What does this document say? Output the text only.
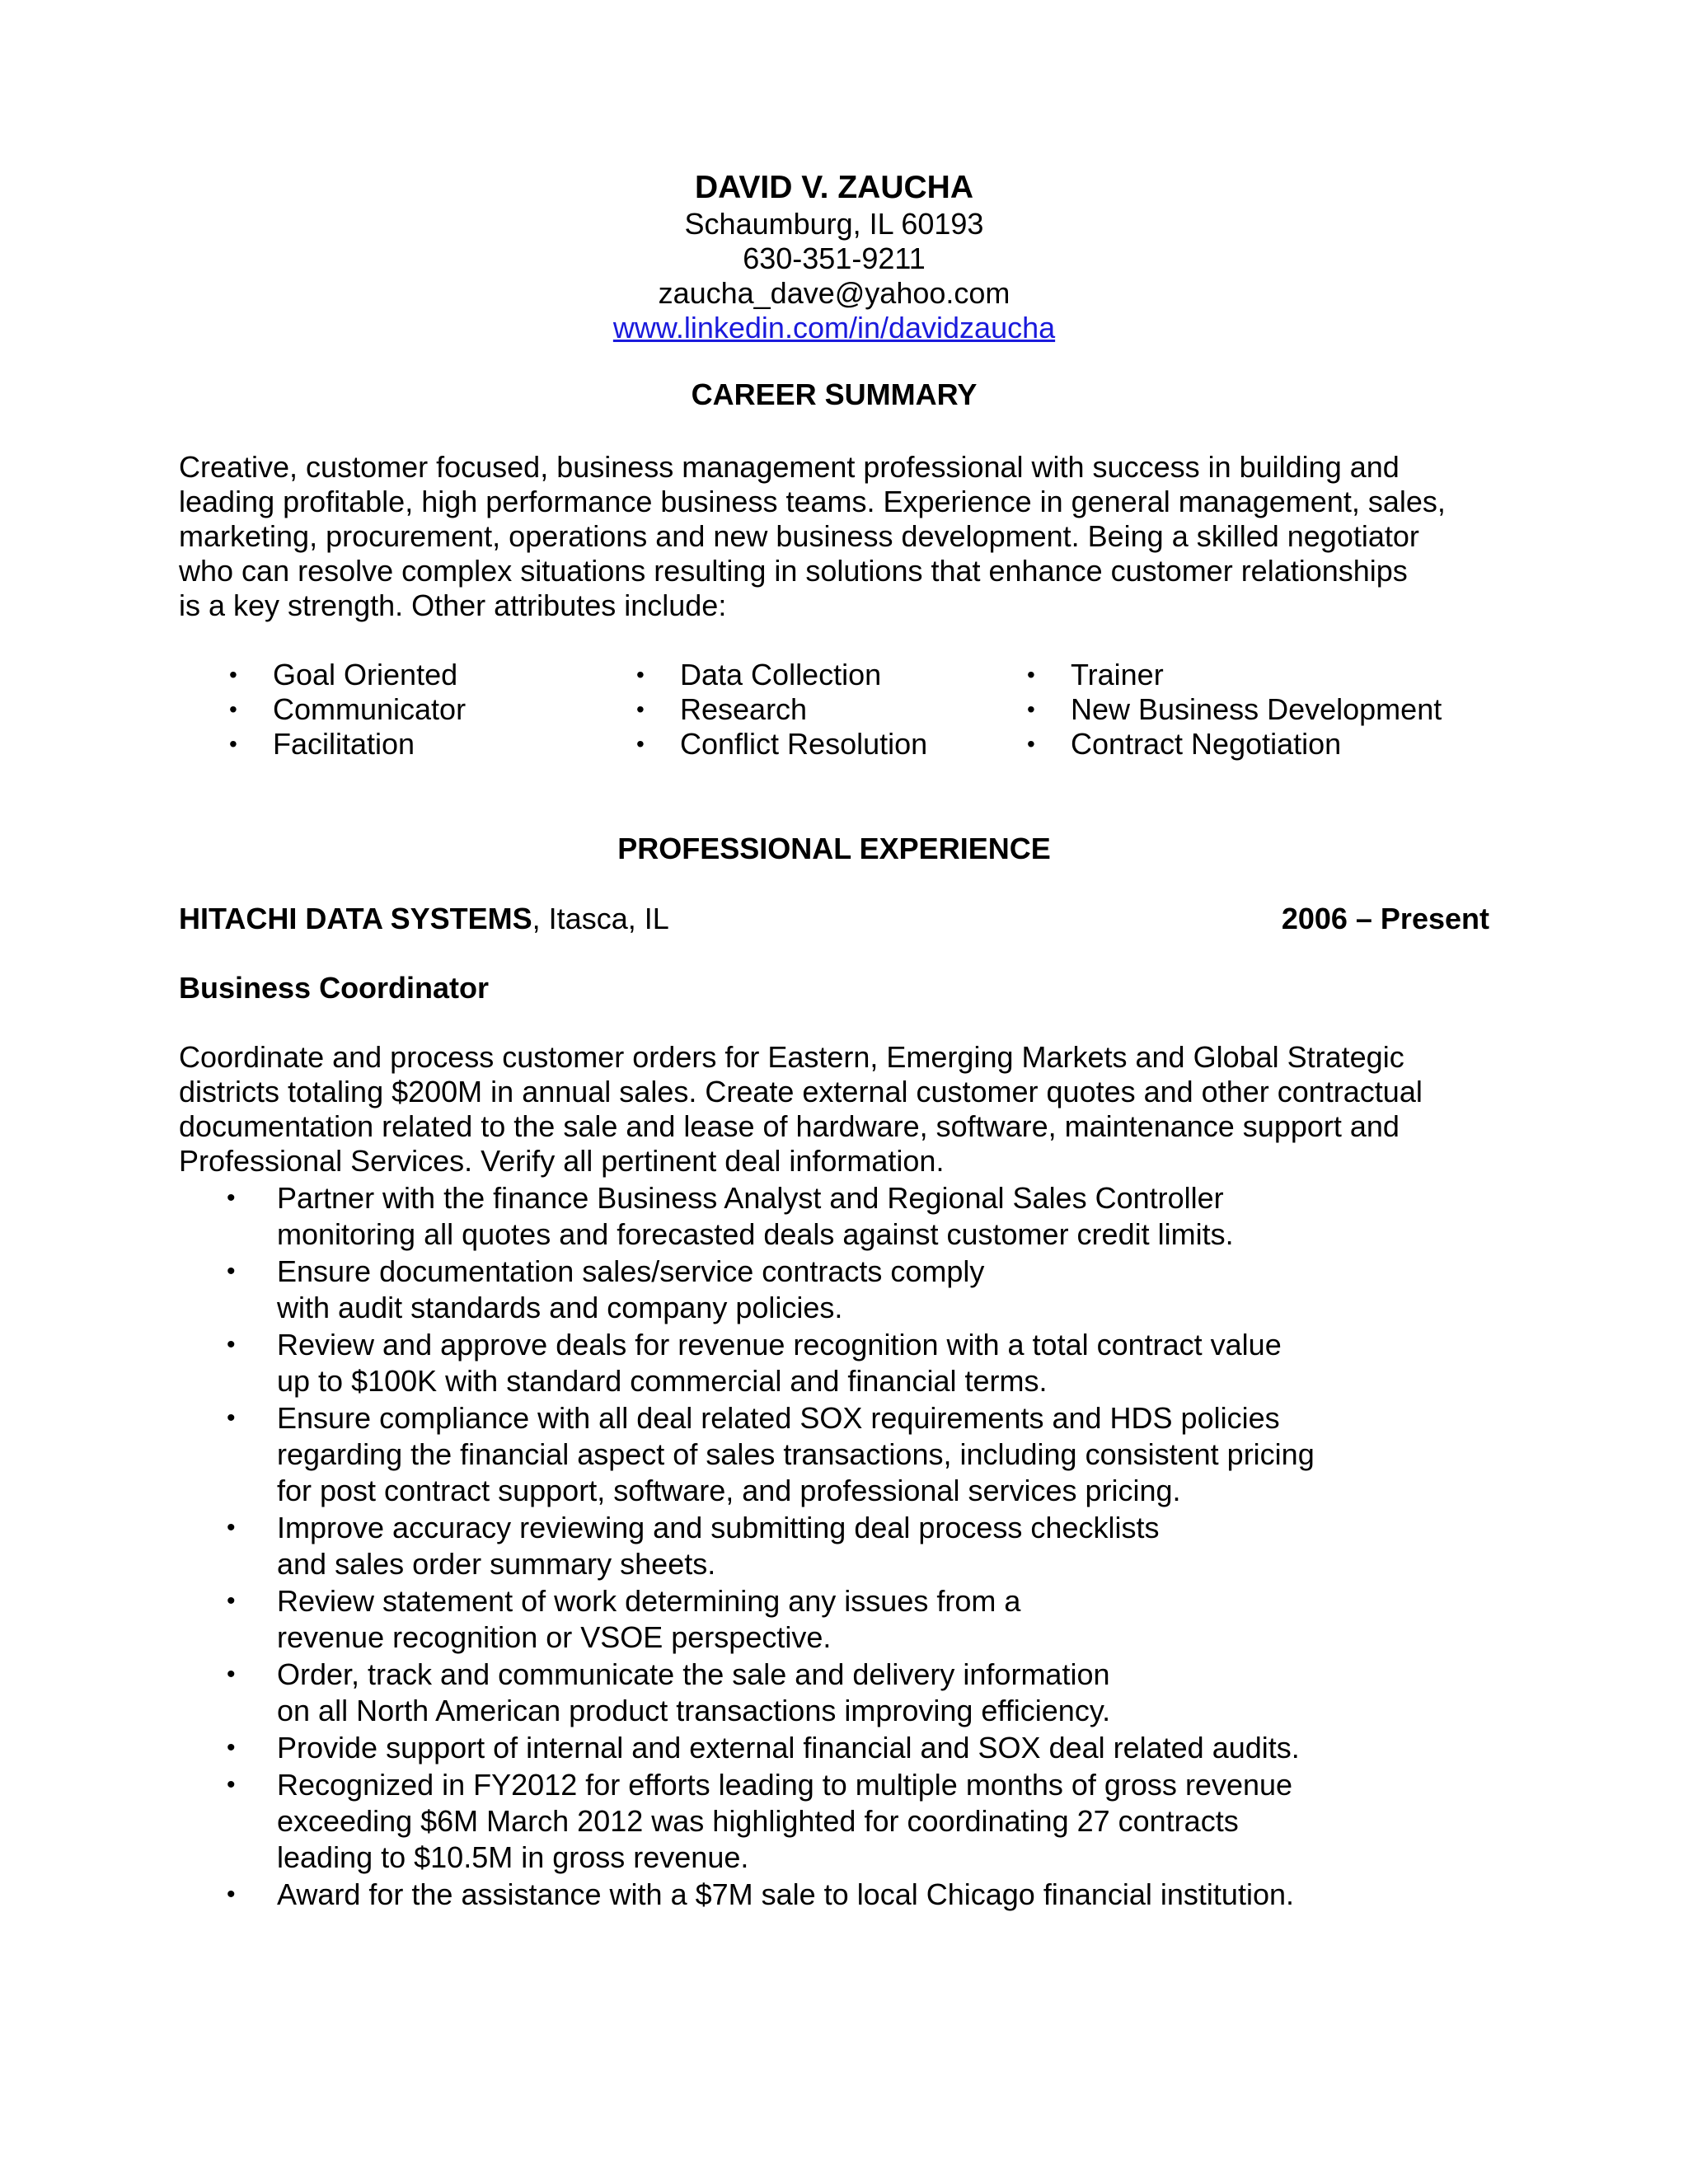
DAVID V. ZAUCHA
Schaumburg, IL 60193
630-351-9211
zaucha_dave@yahoo.com
www.linkedin.com/in/davidzaucha
CAREER SUMMARY
Creative, customer focused, business management professional with success in building and
leading profitable, high performance business teams. Experience in general management, sales,
marketing, procurement, operations and new business development. Being a skilled negotiator
who can resolve complex situations resulting in solutions that enhance customer relationships
is a key strength. Other attributes include:
• Goal Oriented
• Communicator
• Facilitation
• Data Collection
• Research
• Conflict Resolution
• Trainer
• New Business Development
• Contract Negotiation
PROFESSIONAL EXPERIENCE
HITACHI DATA SYSTEMS, Itasca, IL	2006 – Present
Business Coordinator
Coordinate and process customer orders for Eastern, Emerging Markets and Global Strategic
districts totaling $200M in annual sales. Create external customer quotes and other contractual
documentation related to the sale and lease of hardware, software, maintenance support and
Professional Services. Verify all pertinent deal information.
• Partner with the finance Business Analyst and Regional Sales Controller
monitoring all quotes and forecasted deals against customer credit limits.
• Ensure documentation sales/service contracts comply
with audit standards and company policies.
• Review and approve deals for revenue recognition with a total contract value
up to $100K with standard commercial and financial terms.
• Ensure compliance with all deal related SOX requirements and HDS policies
regarding the financial aspect of sales transactions, including consistent pricing
for post contract support, software, and professional services pricing.
• Improve accuracy reviewing and submitting deal process checklists
and sales order summary sheets.
• Review statement of work determining any issues from a
revenue recognition or VSOE perspective.
• Order, track and communicate the sale and delivery information
on all North American product transactions improving efficiency.
• Provide support of internal and external financial and SOX deal related audits.
• Recognized in FY2012 for efforts leading to multiple months of gross revenue
exceeding $6M March 2012 was highlighted for coordinating 27 contracts
leading to $10.5M in gross revenue.
• Award for the assistance with a $7M sale to local Chicago financial institution.
